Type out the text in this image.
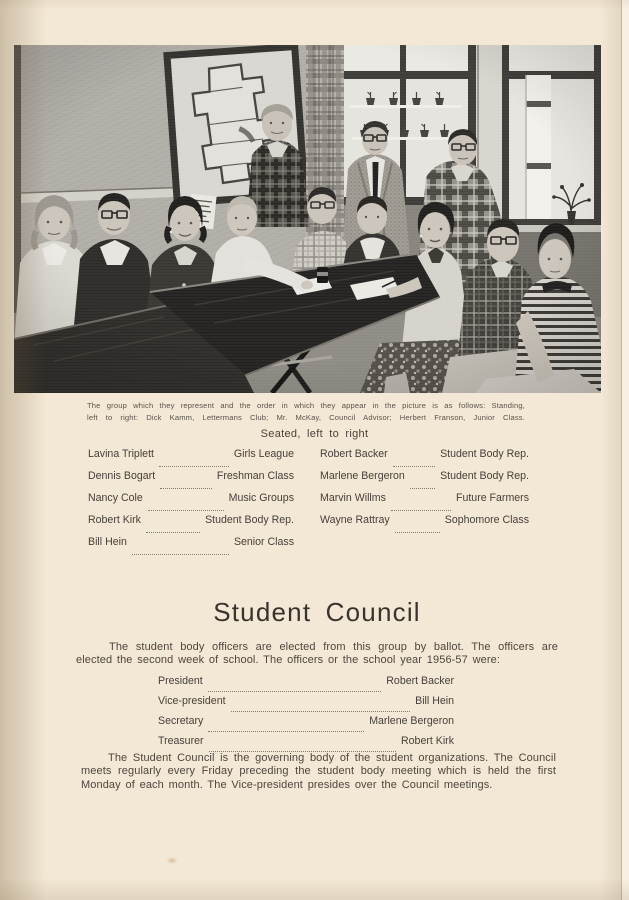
The group which they represent and the order in which they appear in the picture is as follows: Standing,
left to right: Dick Kamm, Lettermans Club; Mr. McKay, Council Advisor; Herbert Franson, Junior Class.
Seated, left to right
Lavina Triplett	Girls League
Dennis Bogart	Freshman Class
Nancy Cole	Music Groups
Robert Kirk	Student Body Rep.
Bill Hein	Senior Class
Robert Backer	Student Body Rep.
Marlene Bergeron	Student Body Rep.
Marvin Willms	Future Farmers
Wayne Rattray	Sophomore Class
Student Council
The student body officers are elected from this group by ballot. The officers are elected the second week of school. The officers or the school year 1956-57 were:
President	Robert Backer
Vice-president	Bill Hein
Secretary	Marlene Bergeron
Treasurer	Robert Kirk
The Student Council is the governing body of the student organizations. The Council meets regularly every Friday preceding the student body meeting which is held the first Monday of each month. The Vice-president presides over the Council meetings.
